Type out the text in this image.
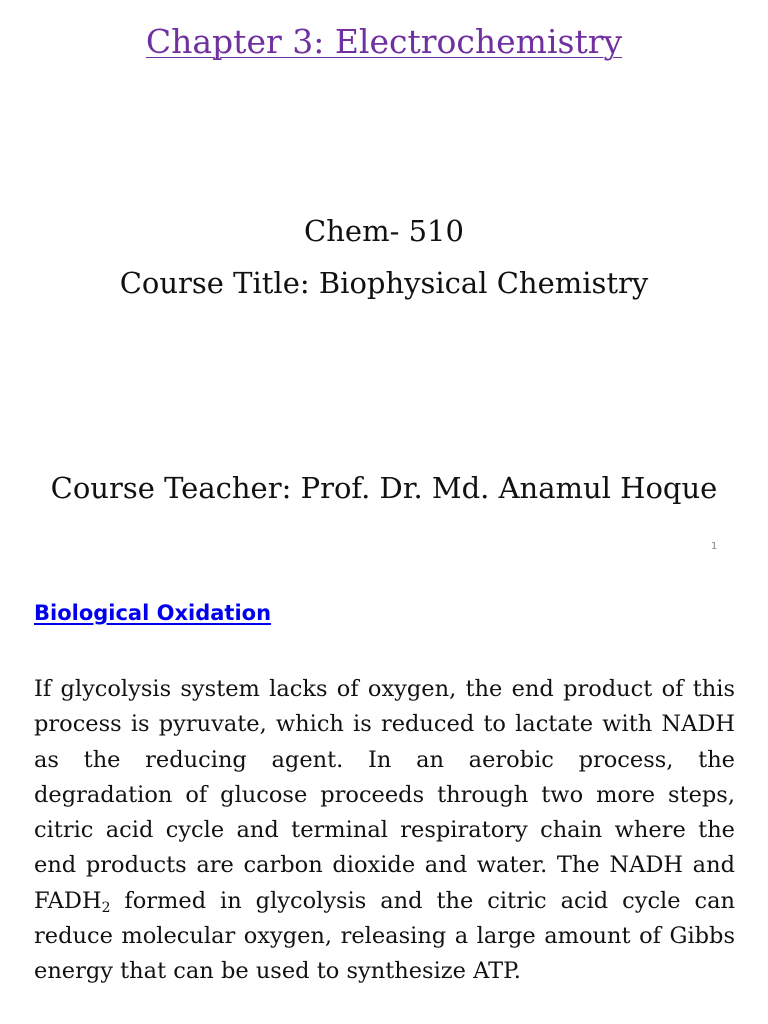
Chapter 3: Electrochemistry
Chem- 510
Course Title: Biophysical Chemistry
Course Teacher: Prof. Dr. Md. Anamul Hoque
1
Biological Oxidation

If glycolysis system lacks of oxygen, the end product of this process is pyruvate, which is reduced to lactate with NADH as the reducing agent. In an aerobic process, the degradation of glucose proceeds through two more steps, citric acid cycle and terminal respiratory chain where the end products are carbon dioxide and water. The NADH and $FADH_2$ formed in glycolysis and the citric acid cycle can reduce molecular oxygen, releasing a large amount of Gibbs energy that can be used to synthesize ATP.
